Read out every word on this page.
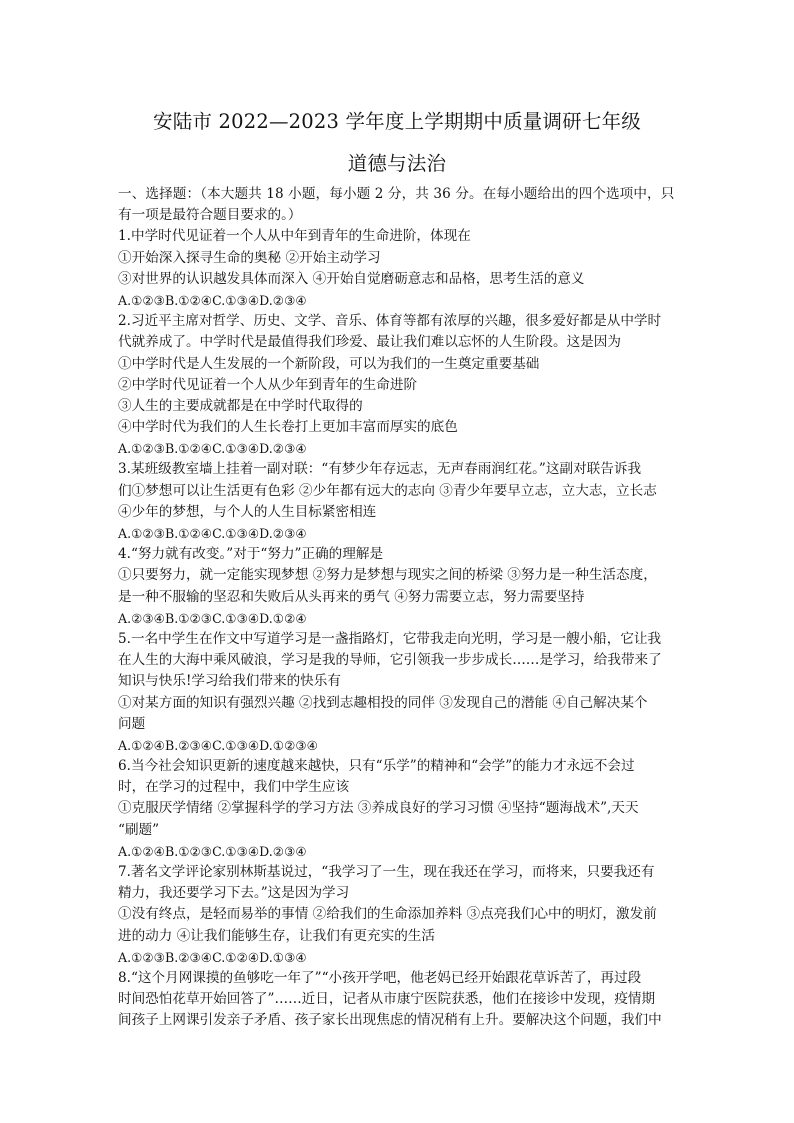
安陆市 2022—2023 学年度上学期期中质量调研七年级
道德与法治
一、选择题：（本大题共 18 小题，每小题 2 分，共 36 分。在每小题给出的四个选项中，只
有一项是最符合题目要求的。）
1.中学时代见证着一个人从中年到青年的生命进阶，体现在
①开始深入探寻生命的奥秘 ②开始主动学习
③对世界的认识越发具体而深入 ④开始自觉磨砺意志和品格，思考生活的意义
A.①②③B.①②④C.①③④D.②③④
2.习近平主席对哲学、历史、文学、音乐、体育等都有浓厚的兴趣，很多爱好都是从中学时
代就养成了。中学时代是最值得我们珍爱、最让我们难以忘怀的人生阶段。这是因为
①中学时代是人生发展的一个新阶段，可以为我们的一生奠定重要基础
②中学时代见证着一个人从少年到青年的生命进阶
③人生的主要成就都是在中学时代取得的
④中学时代为我们的人生长卷打上更加丰富而厚实的底色
A.①②③B.①②④C.①③④D.②③④
3.某班级教室墙上挂着一副对联：“有梦少年存远志，无声春雨润红花。”这副对联告诉我
们①梦想可以让生活更有色彩 ②少年都有远大的志向 ③青少年要早立志，立大志，立长志
④少年的梦想，与个人的人生目标紧密相连
A.①②③B.①②④C.①③④D.②③④
4.“努力就有改变。”对于“努力”正确的理解是
①只要努力，就一定能实现梦想 ②努力是梦想与现实之间的桥梁 ③努力是一种生活态度，
是一种不服输的坚忍和失败后从头再来的勇气 ④努力需要立志，努力需要坚持
A.②③④B.①②③C.①③④D.①②④
5.一名中学生在作文中写道学习是一盏指路灯，它带我走向光明，学习是一艘小船，它让我
在人生的大海中乘风破浪，学习是我的导师，它引领我一步步成长……是学习，给我带来了
知识与快乐!学习给我们带来的快乐有
①对某方面的知识有强烈兴趣 ②找到志趣相投的同伴 ③发现自己的潜能 ④自己解决某个
问题
A.①②④B.②③④C.①③④D.①②③④
6.当今社会知识更新的速度越来越快，只有“乐学”的精神和“会学”的能力才永远不会过
时，在学习的过程中，我们中学生应该
①克服厌学情绪 ②掌握科学的学习方法 ③养成良好的学习习惯 ④坚持“题海战术”,天天
“刷题”
A.①②④B.①②③C.①③④D.②③④
7.著名文学评论家别林斯基说过，“我学习了一生，现在我还在学习，而将来，只要我还有
精力，我还要学习下去。”这是因为学习
①没有终点，是轻而易举的事情 ②给我们的生命添加养料 ③点亮我们心中的明灯，激发前
进的动力 ④让我们能够生存，让我们有更充实的生活
A.①②③B.②③④C.①②④D.①③④
8.“这个月网课摸的鱼够吃一年了”“小孩开学吧，他老妈已经开始跟花草诉苦了，再过段
时间恐怕花草开始回答了”……近日，记者从市康宁医院获悉，他们在接诊中发现，疫情期
间孩子上网课引发亲子矛盾、孩子家长出现焦虑的情况稍有上升。要解决这个问题，我们中
